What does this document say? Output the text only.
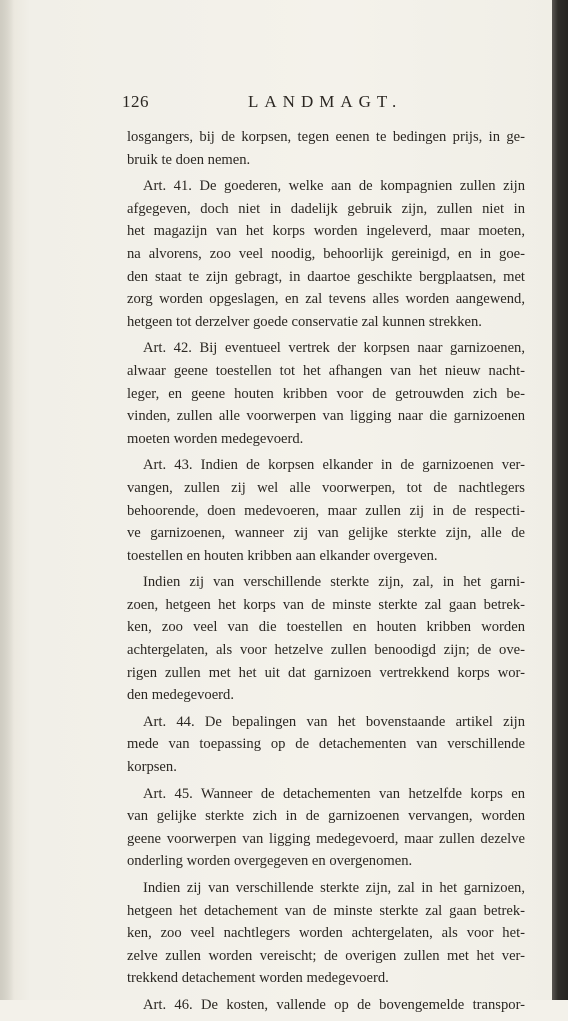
126	LANDMAGT.

losgangers, bij de korpsen, tegen eenen te bedingen prijs, in ge-

bruik te doen nemen.

Art. 41. De goederen, welke aan de kompagnien zullen zijn

afgegeven, doch niet in dadelijk gebruik zijn, zullen niet in

het magazijn van het korps worden ingeleverd, maar moeten,

na alvorens, zoo veel noodig, behoorlijk gereinigd, en in goe-

den staat te zijn gebragt, in daartoe geschikte bergplaatsen, met

zorg worden opgeslagen, en zal tevens alles worden aangewend,

hetgeen tot derzelver goede conservatie zal kunnen strekken.

Art. 42. Bij eventueel vertrek der korpsen naar garnizoenen,

alwaar geene toestellen tot het afhangen van het nieuw nacht-

leger, en geene houten kribben voor de getrouwden zich be-

vinden, zullen alle voorwerpen van ligging naar die garnizoenen

moeten worden medegevoerd.

Art. 43. Indien de korpsen elkander in de garnizoenen ver-

vangen, zullen zij wel alle voorwerpen, tot de nachtlegers

behoorende, doen medevoeren, maar zullen zij in de respecti-

ve garnizoenen, wanneer zij van gelijke sterkte zijn, alle de

toestellen en houten kribben aan elkander overgeven.

Indien zij van verschillende sterkte zijn, zal, in het garni-

zoen, hetgeen het korps van de minste sterkte zal gaan betrek-

ken, zoo veel van die toestellen en houten kribben worden

achtergelaten, als voor hetzelve zullen benoodigd zijn; de ove-

rigen zullen met het uit dat garnizoen vertrekkend korps wor-

den medegevoerd.

Art. 44. De bepalingen van het bovenstaande artikel zijn

mede van toepassing op de detachementen van verschillende

korpsen.

Art. 45. Wanneer de detachementen van hetzelfde korps en

van gelijke sterkte zich in de garnizoenen vervangen, worden

geene voorwerpen van ligging medegevoerd, maar zullen dezelve

onderling worden overgegeven en overgenomen.

Indien zij van verschillende sterkte zijn, zal in het garnizoen,

hetgeen het detachement van de minste sterkte zal gaan betrek-

ken, zoo veel nachtlegers worden achtergelaten, als voor het-

zelve zullen worden vereischt; de overigen zullen met het ver-

trekkend detachement worden medegevoerd.

Art. 46. De kosten, vallende op de bovengemelde transpor-
